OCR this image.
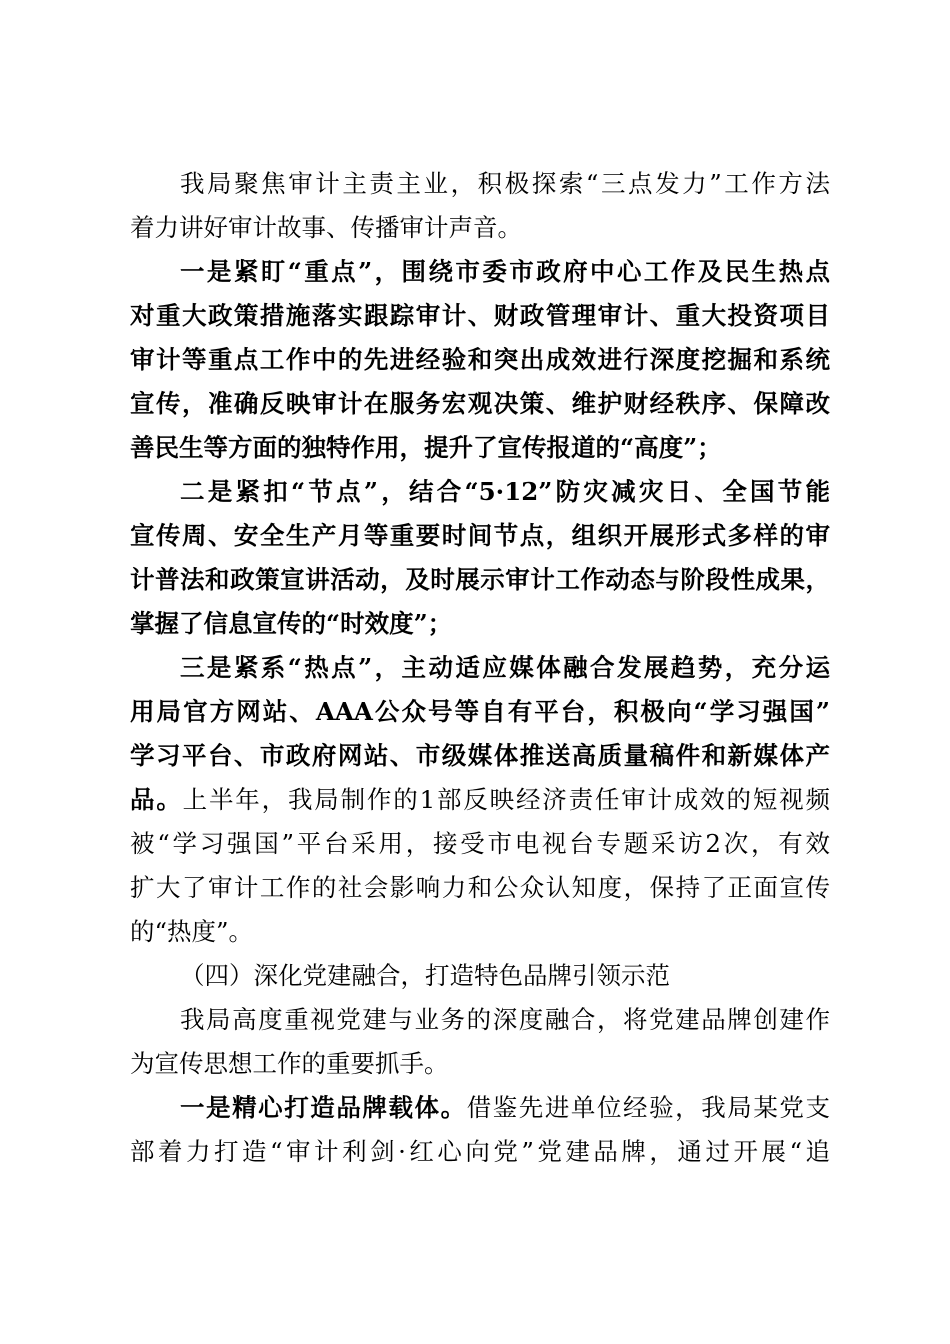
我局聚焦审计主责主业，积极探索“三点发力”工作方法
着力讲好审计故事、传播审计声音。
一是紧盯“重点”，围绕市委市政府中心工作及民生热点
对重大政策措施落实跟踪审计、财政管理审计、重大投资项目
审计等重点工作中的先进经验和突出成效进行深度挖掘和系统
宣传，准确反映审计在服务宏观决策、维护财经秩序、保障改
善民生等方面的独特作用，提升了宣传报道的“高度”；
二是紧扣“节点”，结合“5·12”防灾减灾日、全国节能
宣传周、安全生产月等重要时间节点，组织开展形式多样的审
计普法和政策宣讲活动，及时展示审计工作动态与阶段性成果，
掌握了信息宣传的“时效度”；
三是紧系“热点”，主动适应媒体融合发展趋势，充分运
用局官方网站、AAA公众号等自有平台，积极向“学习强国”
学习平台、市政府网站、市级媒体推送高质量稿件和新媒体产
品。上半年，我局制作的1部反映经济责任审计成效的短视频
被“学习强国”平台采用，接受市电视台专题采访2次，有效
扩大了审计工作的社会影响力和公众认知度，保持了正面宣传
的“热度”。
（四）深化党建融合，打造特色品牌引领示范
我局高度重视党建与业务的深度融合，将党建品牌创建作
为宣传思想工作的重要抓手。
一是精心打造品牌载体。借鉴先进单位经验，我局某党支
部着力打造“审计利剑·红心向党”党建品牌，通过开展“追
